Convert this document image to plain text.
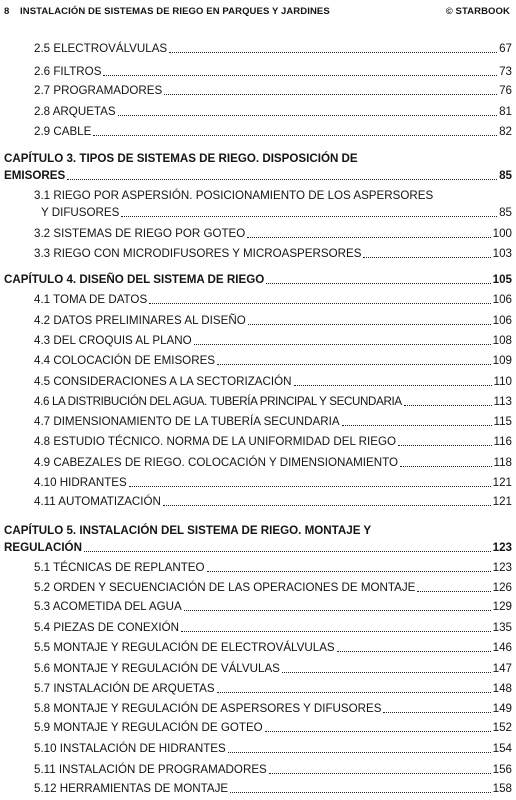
8 INSTALACIÓN DE SISTEMAS DE RIEGO EN PARQUES Y JARDINES	© STARBOOK
2.5 ELECTROVÁLVULAS	67
2.6 FILTROS	73
2.7 PROGRAMADORES	76
2.8 ARQUETAS	81
2.9 CABLE	82
CAPÍTULO 3. TIPOS DE SISTEMAS DE RIEGO. DISPOSICIÓN DE
EMISORES	85
3.1 RIEGO POR ASPERSIÓN. POSICIONAMIENTO DE LOS ASPERSORES
Y DIFUSORES	85
3.2 SISTEMAS DE RIEGO POR GOTEO	100
3.3 RIEGO CON MICRODIFUSORES Y MICROASPERSORES	103
CAPÍTULO 4. DISEÑO DEL SISTEMA DE RIEGO	105
4.1 TOMA DE DATOS	106
4.2 DATOS PRELIMINARES AL DISEÑO	106
4.3 DEL CROQUIS AL PLANO	108
4.4 COLOCACIÓN DE EMISORES	109
4.5 CONSIDERACIONES A LA SECTORIZACIÓN	110
4.6 LA DISTRIBUCIÓN DEL AGUA. TUBERÍA PRINCIPAL Y SECUNDARIA	113
4.7 DIMENSIONAMIENTO DE LA TUBERÍA SECUNDARIA	115
4.8 ESTUDIO TÉCNICO. NORMA DE LA UNIFORMIDAD DEL RIEGO	116
4.9 CABEZALES DE RIEGO. COLOCACIÓN Y DIMENSIONAMIENTO	118
4.10 HIDRANTES	121
4.11 AUTOMATIZACIÓN	121
CAPÍTULO 5. INSTALACIÓN DEL SISTEMA DE RIEGO. MONTAJE Y
REGULACIÓN	123
5.1 TÉCNICAS DE REPLANTEO	123
5.2 ORDEN Y SECUENCIACIÓN DE LAS OPERACIONES DE MONTAJE	126
5.3 ACOMETIDA DEL AGUA	129
5.4 PIEZAS DE CONEXIÓN	135
5.5 MONTAJE Y REGULACIÓN DE ELECTROVÁLVULAS	146
5.6 MONTAJE Y REGULACIÓN DE VÁLVULAS	147
5.7 INSTALACIÓN DE ARQUETAS	148
5.8 MONTAJE Y REGULACIÓN DE ASPERSORES Y DIFUSORES	149
5.9 MONTAJE Y REGULACIÓN DE GOTEO	152
5.10 INSTALACIÓN DE HIDRANTES	154
5.11 INSTALACIÓN DE PROGRAMADORES	156
5.12 HERRAMIENTAS DE MONTAJE	158
